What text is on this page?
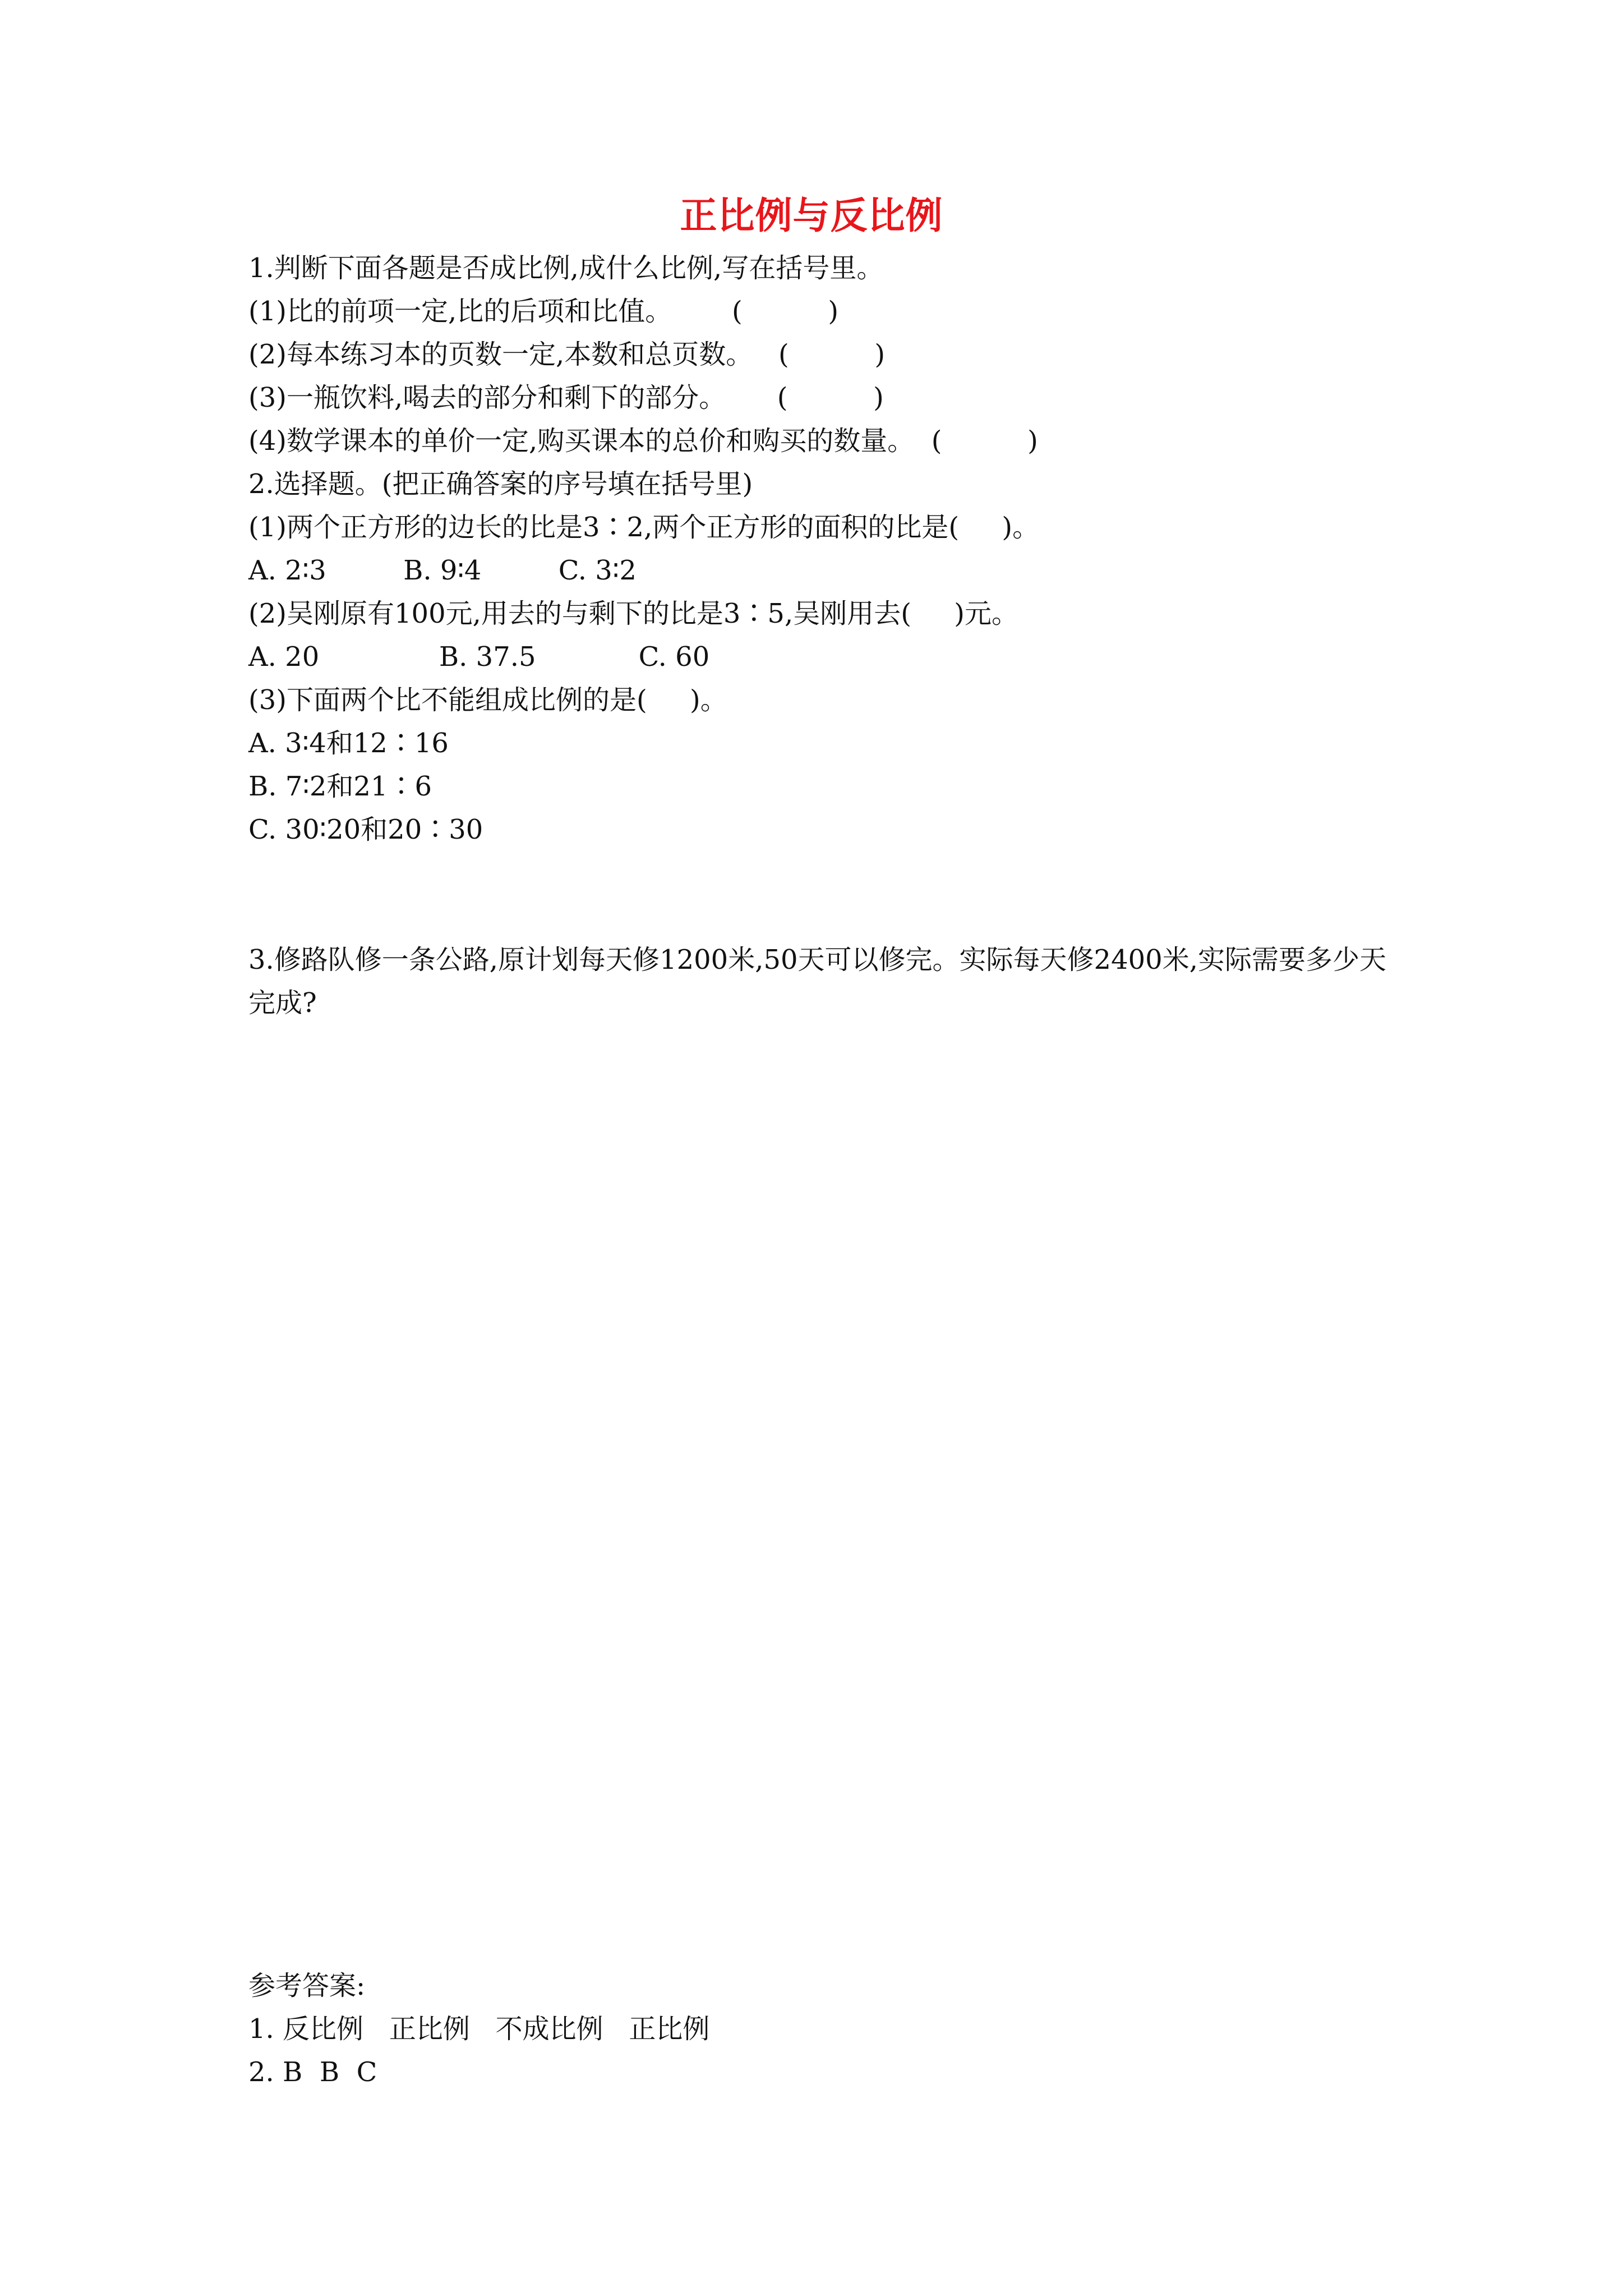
正比例与反比例
1.判断下面各题是否成比例,成什么比例,写在括号里。
(1)比的前项一定,比的后项和比值。       (          )
(2)每本练习本的页数一定,本数和总页数。   (          )
(3)一瓶饮料,喝去的部分和剩下的部分。      (          )
(4)数学课本的单价一定,购买课本的总价和购买的数量。  (          )
2.选择题。(把正确答案的序号填在括号里)
(1)两个正方形的边长的比是3∶2,两个正方形的面积的比是(     )。
A. 2∶3         B. 9∶4         C. 3∶2
(2)吴刚原有100元,用去的与剩下的比是3∶5,吴刚用去(     )元。
A. 20              B. 37.5            C. 60
(3)下面两个比不能组成比例的是(     )。
A. 3∶4和12∶16
B. 7∶2和21∶6
C. 30∶20和20∶30
3.修路队修一条公路,原计划每天修1200米,50天可以修完。实际每天修2400米,实际需要多少天完成?
参考答案:
1. 反比例   正比例   不成比例   正比例
2. B  B  C
